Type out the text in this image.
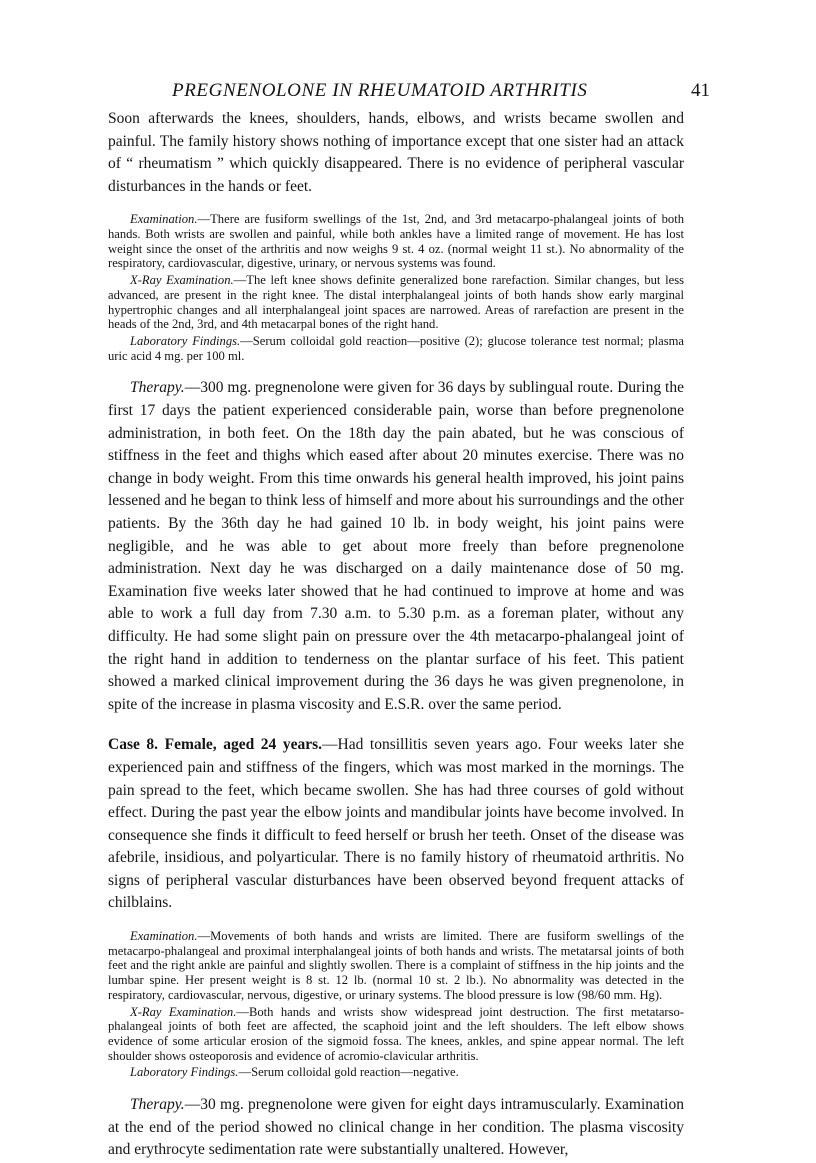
PREGNENOLONE IN RHEUMATOID ARTHRITIS	41

Soon afterwards the knees, shoulders, hands, elbows, and wrists became swollen and painful. The family history shows nothing of importance except that one sister had an attack of “ rheumatism ” which quickly disappeared. There is no evidence of peripheral vascular disturbances in the hands or feet.

Examination.—There are fusiform swellings of the 1st, 2nd, and 3rd metacarpo-phalangeal joints of both hands. Both wrists are swollen and painful, while both ankles have a limited range of movement. He has lost weight since the onset of the arthritis and now weighs 9 st. 4 oz. (normal weight 11 st.). No abnormality of the respiratory, cardiovascular, digestive, urinary, or nervous systems was found.

X-Ray Examination.—The left knee shows definite generalized bone rarefaction. Similar changes, but less advanced, are present in the right knee. The distal interphalangeal joints of both hands show early marginal hypertrophic changes and all interphalangeal joint spaces are narrowed. Areas of rarefaction are present in the heads of the 2nd, 3rd, and 4th metacarpal bones of the right hand.

Laboratory Findings.—Serum colloidal gold reaction—positive (2); glucose tolerance test normal; plasma uric acid 4 mg. per 100 ml.

Therapy.—300 mg. pregnenolone were given for 36 days by sublingual route. During the first 17 days the patient experienced considerable pain, worse than before pregnenolone administration, in both feet. On the 18th day the pain abated, but he was conscious of stiffness in the feet and thighs which eased after about 20 minutes exercise. There was no change in body weight. From this time onwards his general health improved, his joint pains lessened and he began to think less of himself and more about his surroundings and the other patients. By the 36th day he had gained 10 lb. in body weight, his joint pains were negligible, and he was able to get about more freely than before pregnenolone administration. Next day he was discharged on a daily maintenance dose of 50 mg. Examination five weeks later showed that he had continued to improve at home and was able to work a full day from 7.30 a.m. to 5.30 p.m. as a foreman plater, without any difficulty. He had some slight pain on pressure over the 4th metacarpo-phalangeal joint of the right hand in addition to tenderness on the plantar surface of his feet. This patient showed a marked clinical improvement during the 36 days he was given pregnenolone, in spite of the increase in plasma viscosity and E.S.R. over the same period.

Case 8. Female, aged 24 years.—Had tonsillitis seven years ago. Four weeks later she experienced pain and stiffness of the fingers, which was most marked in the mornings. The pain spread to the feet, which became swollen. She has had three courses of gold without effect. During the past year the elbow joints and mandibular joints have become involved. In consequence she finds it difficult to feed herself or brush her teeth. Onset of the disease was afebrile, insidious, and polyarticular. There is no family history of rheumatoid arthritis. No signs of peripheral vascular disturbances have been observed beyond frequent attacks of chilblains.

Examination.—Movements of both hands and wrists are limited. There are fusiform swellings of the metacarpo-phalangeal and proximal interphalangeal joints of both hands and wrists. The metatarsal joints of both feet and the right ankle are painful and slightly swollen. There is a complaint of stiffness in the hip joints and the lumbar spine. Her present weight is 8 st. 12 lb. (normal 10 st. 2 lb.). No abnormality was detected in the respiratory, cardiovascular, nervous, digestive, or urinary systems. The blood pressure is low (98/60 mm. Hg).

X-Ray Examination.—Both hands and wrists show widespread joint destruction. The first metatarso-phalangeal joints of both feet are affected, the scaphoid joint and the left shoulders. The left elbow shows evidence of some articular erosion of the sigmoid fossa. The knees, ankles, and spine appear normal. The left shoulder shows osteoporosis and evidence of acromio-clavicular arthritis.

Laboratory Findings.—Serum colloidal gold reaction—negative.

Therapy.—30 mg. pregnenolone were given for eight days intramuscularly. Examination at the end of the period showed no clinical change in her condition. The plasma viscosity and erythrocyte sedimentation rate were substantially unaltered. However,
